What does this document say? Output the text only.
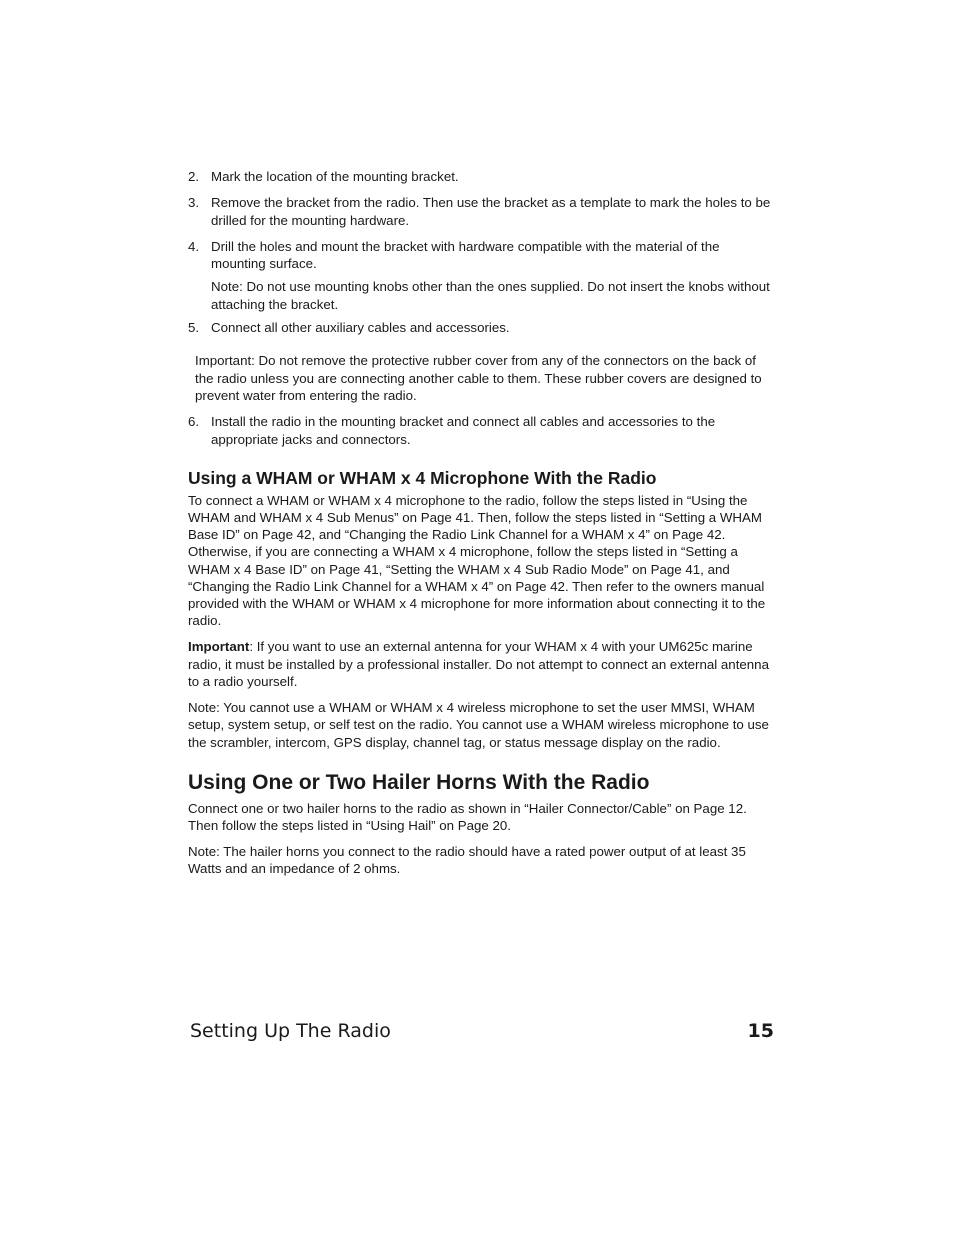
2. Mark the location of the mounting bracket.
3. Remove the bracket from the radio. Then use the bracket as a template to mark the holes to be drilled for the mounting hardware.
4. Drill the holes and mount the bracket with hardware compatible with the material of the mounting surface.
Note: Do not use mounting knobs other than the ones supplied. Do not insert the knobs without attaching the bracket.
5. Connect all other auxiliary cables and accessories.
Important: Do not remove the protective rubber cover from any of the connectors on the back of the radio unless you are connecting another cable to them. These rubber covers are designed to prevent water from entering the radio.
6. Install the radio in the mounting bracket and connect all cables and accessories to the appropriate jacks and connectors.
Using a WHAM or WHAM x 4 Microphone With the Radio

To connect a WHAM or WHAM x 4 microphone to the radio, follow the steps listed in “Using the WHAM and WHAM x 4 Sub Menus” on Page 41. Then, follow the steps listed in “Setting a WHAM Base ID” on Page 42, and “Changing the Radio Link Channel for a WHAM x 4” on Page 42. Otherwise, if you are connecting a WHAM x 4 microphone, follow the steps listed in “Setting a WHAM x 4 Base ID” on Page 41, “Setting the WHAM x 4 Sub Radio Mode” on Page 41, and “Changing the Radio Link Channel for a WHAM x 4” on Page 42. Then refer to the owners manual provided with the WHAM or WHAM x 4 microphone for more information about connecting it to the radio.

Important: If you want to use an external antenna for your WHAM x 4 with your UM625c marine radio, it must be installed by a professional installer. Do not attempt to connect an external antenna to a radio yourself.

Note: You cannot use a WHAM or WHAM x 4 wireless microphone to set the user MMSI, WHAM setup, system setup, or self test on the radio. You cannot use a WHAM wireless microphone to use the scrambler, intercom, GPS display, channel tag, or status message display on the radio.

Using One or Two Hailer Horns With the Radio

Connect one or two hailer horns to the radio as shown in “Hailer Connector/Cable” on Page 12. Then follow the steps listed in “Using Hail” on Page 20.

Note: The hailer horns you connect to the radio should have a rated power output of at least 35 Watts and an impedance of 2 ohms.

Setting Up The Radio	15
